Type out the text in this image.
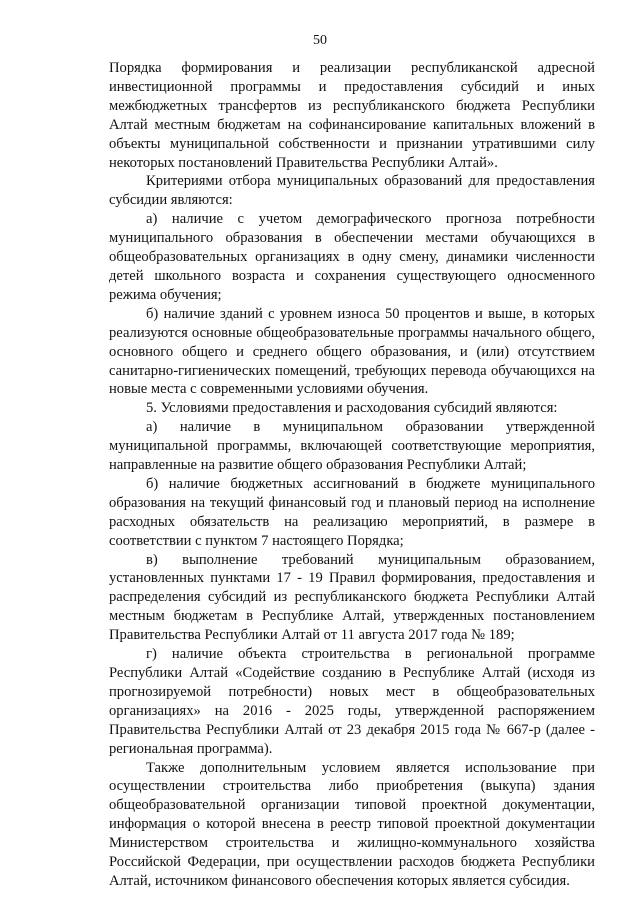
50

Порядка формирования и реализации республиканской адресной инвестиционной программы и предоставления субсидий и иных межбюджетных трансфертов из республиканского бюджета Республики Алтай местным бюджетам на софинансирование капитальных вложений в объекты муниципальной собственности и признании утратившими силу некоторых постановлений Правительства Республики Алтай».

Критериями отбора муниципальных образований для предоставления субсидии являются:

а) наличие с учетом демографического прогноза потребности муниципального образования в обеспечении местами обучающихся в общеобразовательных организациях в одну смену, динамики численности детей школьного возраста и сохранения существующего односменного режима обучения;

б) наличие зданий с уровнем износа 50 процентов и выше, в которых реализуются основные общеобразовательные программы начального общего, основного общего и среднего общего образования, и (или) отсутствием санитарно-гигиенических помещений, требующих перевода обучающихся на новые места с современными условиями обучения.

5. Условиями предоставления и расходования субсидий являются:

а) наличие в муниципальном образовании утвержденной муниципальной программы, включающей соответствующие мероприятия, направленные на развитие общего образования Республики Алтай;

б) наличие бюджетных ассигнований в бюджете муниципального образования на текущий финансовый год и плановый период на исполнение расходных обязательств на реализацию мероприятий, в размере в соответствии с пунктом 7 настоящего Порядка;

в) выполнение требований муниципальным образованием, установленных пунктами 17 - 19 Правил формирования, предоставления и распределения субсидий из республиканского бюджета Республики Алтай местным бюджетам в Республике Алтай, утвержденных постановлением Правительства Республики Алтай от 11 августа 2017 года № 189;

г) наличие объекта строительства в региональной программе Республики Алтай «Содействие созданию в Республике Алтай (исходя из прогнозируемой потребности) новых мест в общеобразовательных организациях» на 2016 - 2025 годы, утвержденной распоряжением Правительства Республики Алтай от 23 декабря 2015 года № 667-р (далее - региональная программа).

Также дополнительным условием является использование при осуществлении строительства либо приобретения (выкупа) здания общеобразовательной организации типовой проектной документации, информация о которой внесена в реестр типовой проектной документации Министерством строительства и жилищно-коммунального хозяйства Российской Федерации, при осуществлении расходов бюджета Республики Алтай, источником финансового обеспечения которых является субсидия.
